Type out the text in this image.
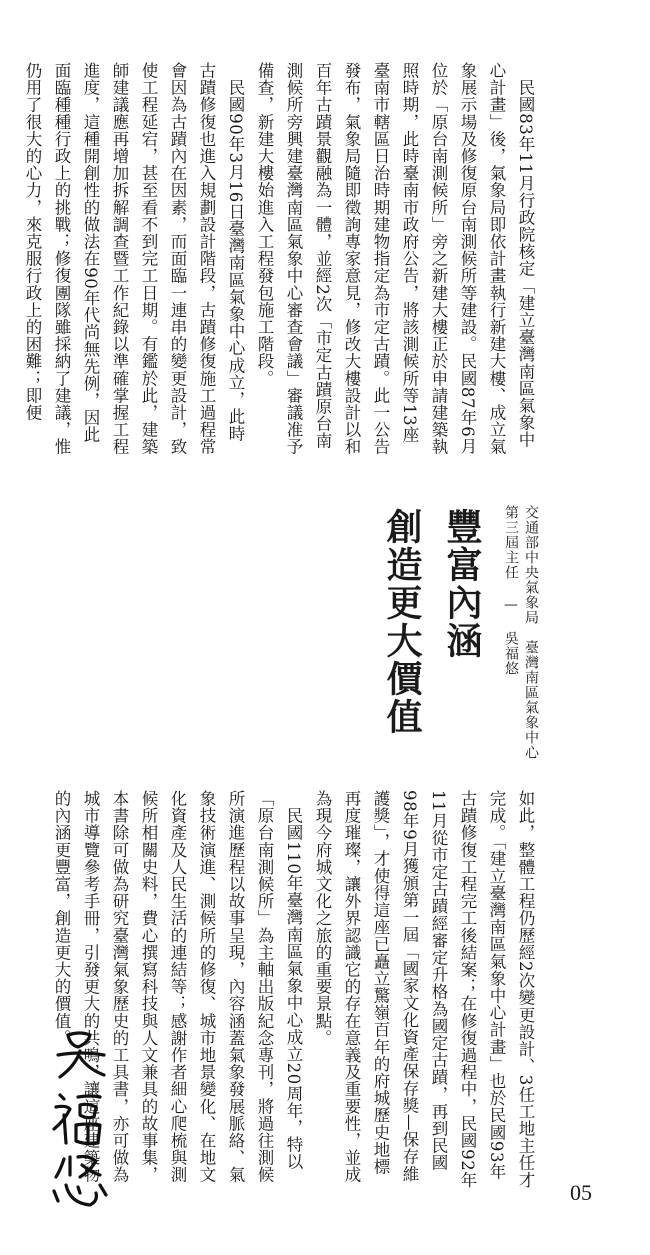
民國83年11月行政院核定「建立臺灣南區氣象中心計畫」後，氣象局即依計畫執行新建大樓、成立氣象展示場及修復原台南測候所等建設。民國87年6月位於「原台南測候所」旁之新建大樓正於申請建築執照時期，此時臺南市政府公告，將該測候所等13座臺南市轄區日治時期建物指定為市定古蹟。此一公告發布，氣象局隨即徵詢專家意見，修改大樓設計以和百年古蹟景觀融為一體，並經2次「市定古蹟原台南測候所旁興建臺灣南區氣象中心審查會議」審議准予備查，新建大樓始進入工程發包施工階段。

民國90年3月16日臺灣南區氣象中心成立，此時古蹟修復也進入規劃設計階段，古蹟修復施工過程常會因為古蹟內在因素，而面臨一連串的變更設計，致使工程延宕，甚至看不到完工日期。有鑑於此，建築師建議應再增加拆解調查暨工作紀錄以準確掌握工程進度，這種開創性的做法在90年代尚無先例，因此面臨種種行政上的挑戰；修復團隊雖採納了建議，惟仍用了很大的心力，來克服行政上的困難；即便

交通部中央氣象局　臺灣南區氣象中心
第三屆主任 — 吳福悠
豐富內涵
創造更大價值

如此，整體工程仍歷經2次變更設計、3任工地主任才完成。「建立臺灣南區氣象中心計畫」也於民國93年古蹟修復工程完工後結案；在修復過程中，民國92年11月從市定古蹟經審定升格為國定古蹟，再到民國98年9月獲頒第一屆「國家文化資產保存獎—保存維護獎」，才使得這座已矗立驚嶺百年的府城歷史地標再度璀璨，讓外界認識它的存在意義及重要性，並成為現今府城文化之旅的重要景點。

民國110年臺灣南區氣象中心成立20周年，特以「原台南測候所」為主軸出版紀念專刊，將過往測候所演進歷程以故事呈現，內容涵蓋氣象發展脈絡、氣象技術演進、測候所的修復、城市地景變化、在地文化資產及人民生活的連結等；感謝作者細心爬梳與測候所相關史料，費心撰寫科技與人文兼具的故事集，本書除可做為研究臺灣氣象歷史的工具書，亦可做為城市導覽參考手冊，引發更大的共鳴，讓這座建築物的內涵更豐富，創造更大的價值。

05
